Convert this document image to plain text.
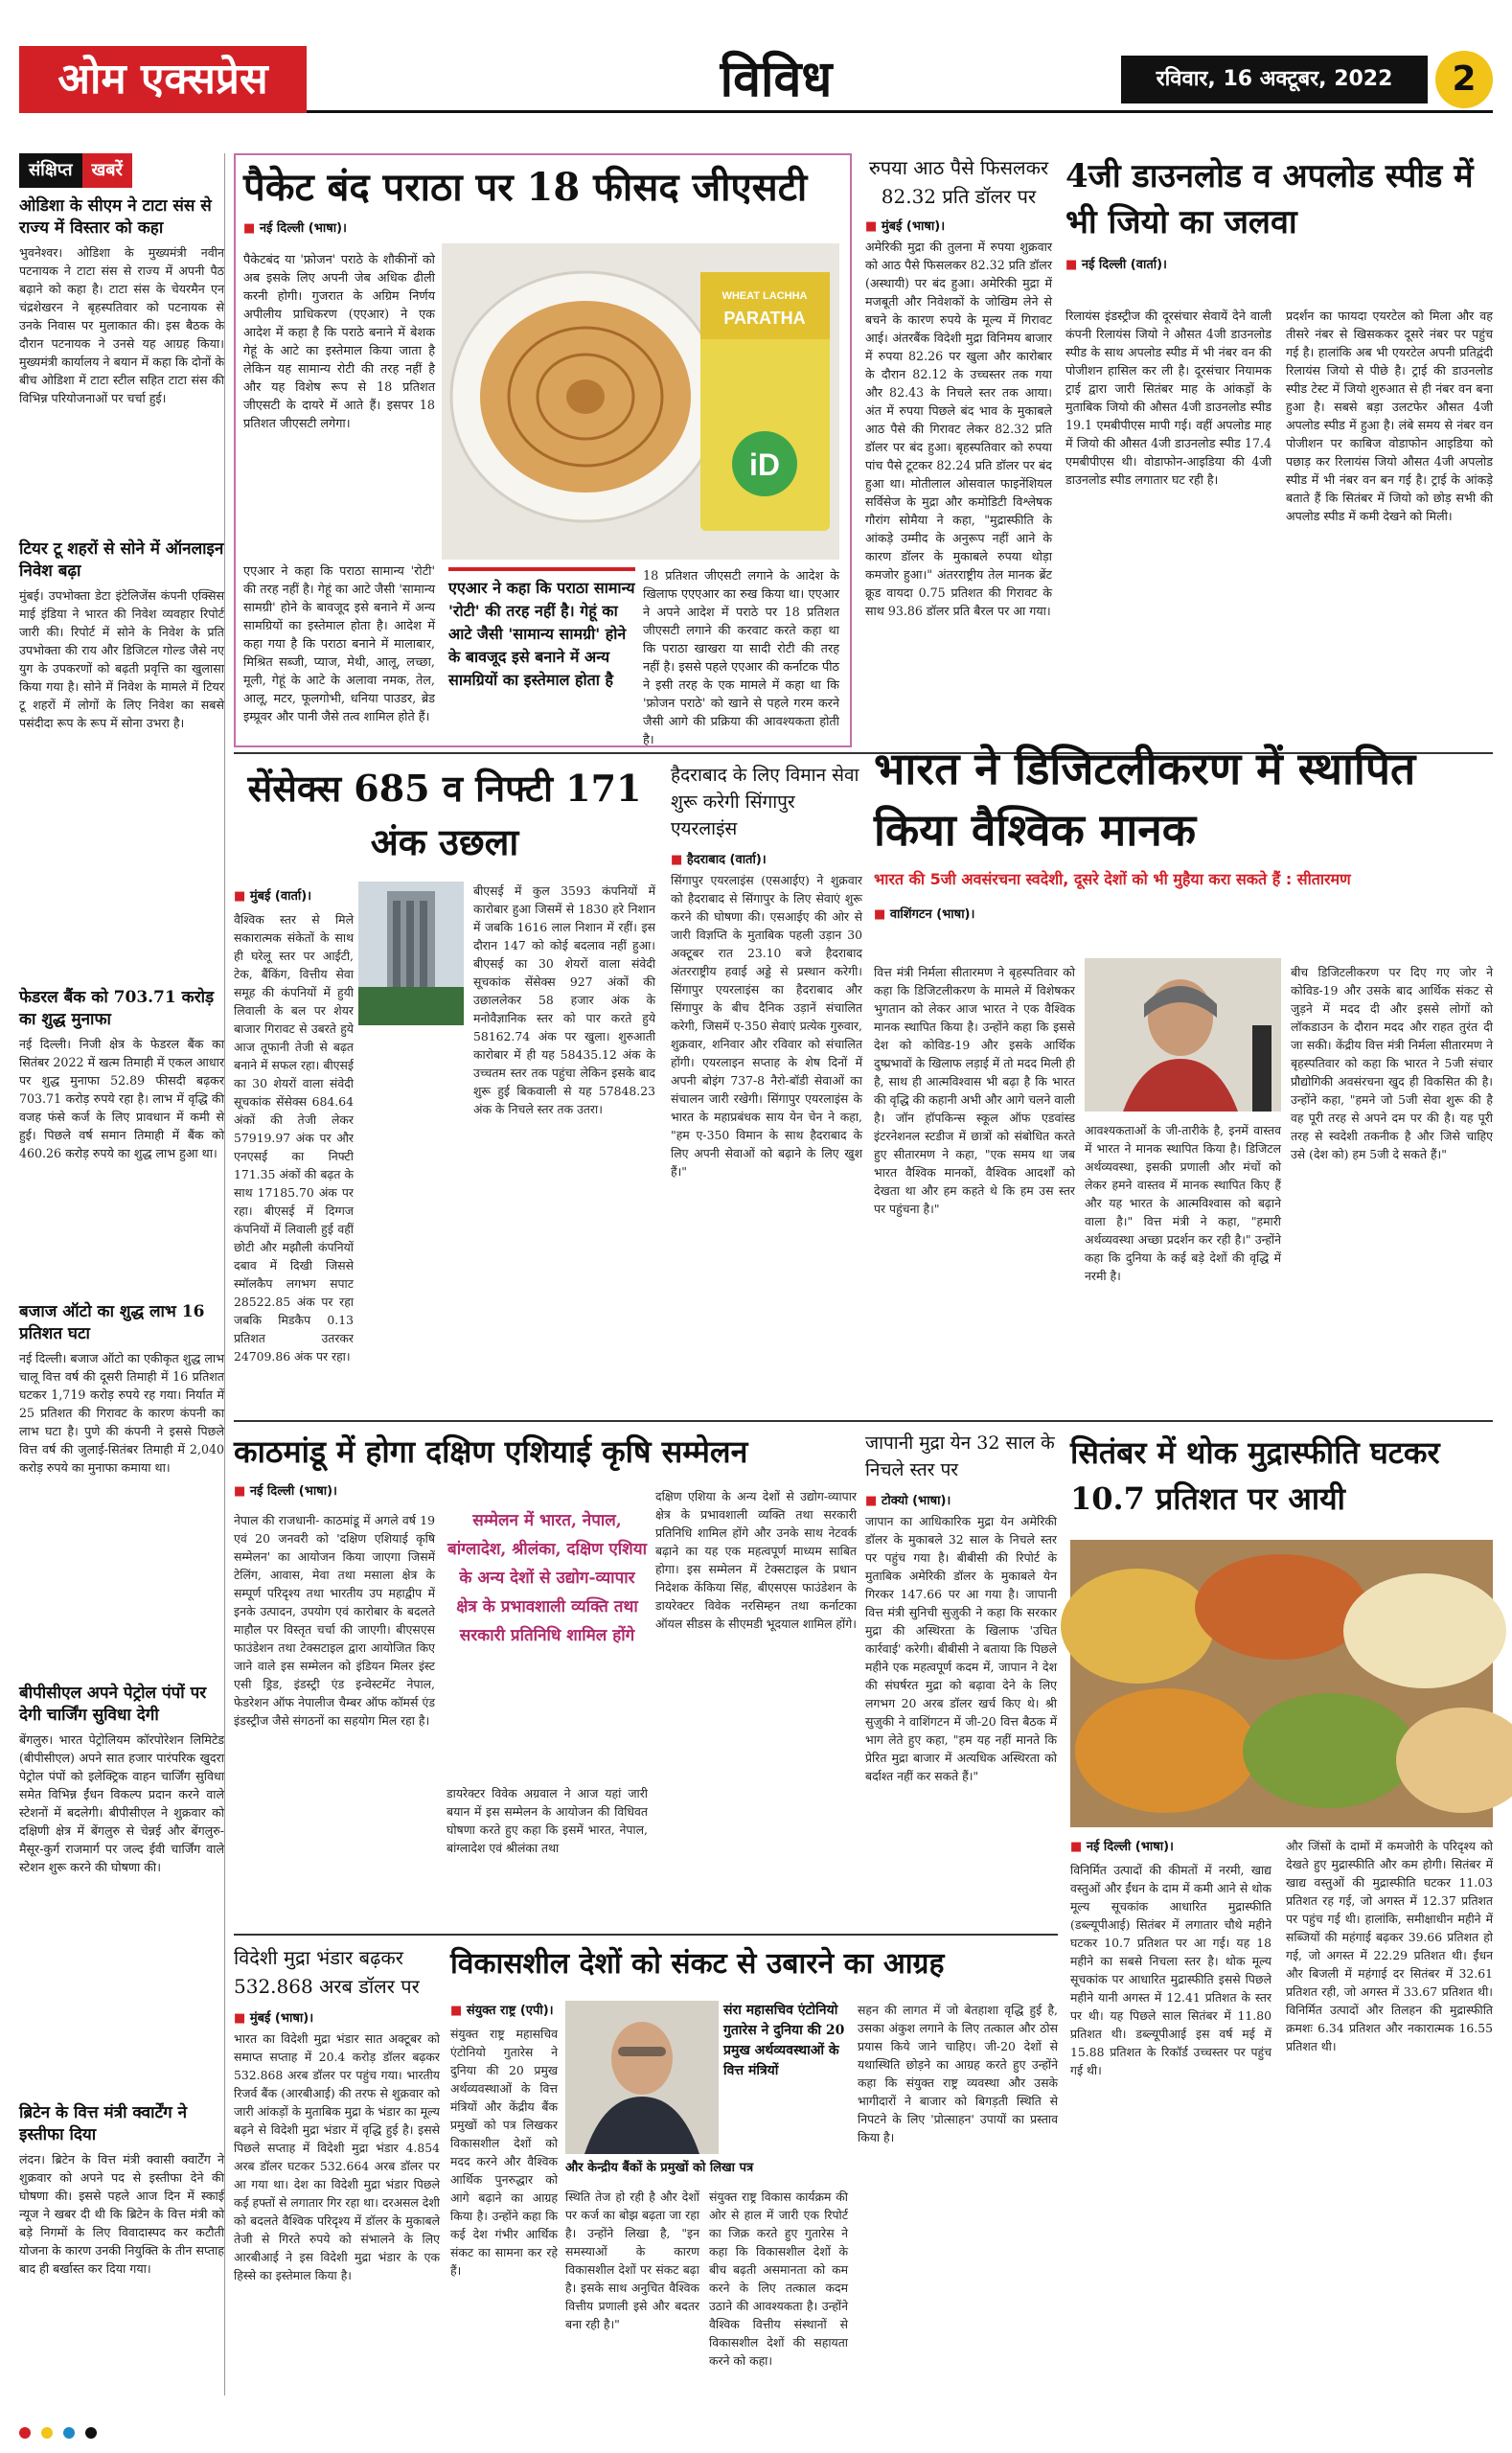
ओम एक्सप्रेस	विविध	रविवार, 16 अक्टूबर, 2022	2
संक्षिप्त	खबरें
ओडिशा के सीएम ने टाटा संस से राज्य में विस्तार को कहा
भुवनेश्वर। ओडिशा के मुख्यमंत्री नवीन पटनायक ने टाटा संस से राज्य में अपनी पैठ बढ़ाने को कहा है। टाटा संस के चेयरमैन एन चंद्रशेखरन ने बृहस्पतिवार को पटनायक से उनके निवास पर मुलाकात की। इस बैठक के दौरान पटनायक ने उनसे यह आग्रह किया। मुख्यमंत्री कार्यालय ने बयान में कहा कि दोनों के बीच ओडिशा में टाटा स्टील सहित टाटा संस की विभिन्न परियोजनाओं पर चर्चा हुई।
टियर टू शहरों से सोने में ऑनलाइन निवेश बढ़ा
मुंबई। उपभोक्ता डेटा इंटेलिजेंस कंपनी एक्सिस माई इंडिया ने भारत की निवेश व्यवहार रिपोर्ट जारी की। रिपोर्ट में सोने के निवेश के प्रति उपभोक्ता की राय और डिजिटल गोल्ड जैसे नए युग के उपकरणों को बढ़ती प्रवृत्ति का खुलासा किया गया है। सोने में निवेश के मामले में टियर टू शहरों में लोगों के लिए निवेश का सबसे पसंदीदा रूप के रूप में सोना उभरा है।
फेडरल बैंक को 703.71 करोड़ का शुद्ध मुनाफा
नई दिल्ली। निजी क्षेत्र के फेडरल बैंक का सितंबर 2022 में खत्म तिमाही में एकल आधार पर शुद्ध मुनाफा 52.89 फीसदी बढ़कर 703.71 करोड़ रुपये रहा है। लाभ में वृद्धि की वजह फंसे कर्ज के लिए प्रावधान में कमी से हुई। पिछले वर्ष समान तिमाही में बैंक को 460.26 करोड़ रुपये का शुद्ध लाभ हुआ था।
बजाज ऑटो का शुद्ध लाभ 16 प्रतिशत घटा
नई दिल्ली। बजाज ऑटो का एकीकृत शुद्ध लाभ चालू वित्त वर्ष की दूसरी तिमाही में 16 प्रतिशत घटकर 1,719 करोड़ रुपये रह गया। निर्यात में 25 प्रतिशत की गिरावट के कारण कंपनी का लाभ घटा है। पुणे की कंपनी ने इससे पिछले वित्त वर्ष की जुलाई-सितंबर तिमाही में 2,040 करोड़ रुपये का मुनाफा कमाया था।
बीपीसीएल अपने पेट्रोल पंपों पर देगी चार्जिंग सुविधा देगी
बेंगलुरु। भारत पेट्रोलियम कॉरपोरेशन लिमिटेड (बीपीसीएल) अपने सात हजार पारंपरिक खुदरा पेट्रोल पंपों को इलेक्ट्रिक वाहन चार्जिंग सुविधा समेत विभिन्न ईंधन विकल्प प्रदान करने वाले स्टेशनों में बदलेगी। बीपीसीएल ने शुक्रवार को दक्षिणी क्षेत्र में बेंगलुरु से चेन्नई और बेंगलुरु-मैसूर-कुर्ग राजमार्ग पर जल्द ईवी चार्जिंग वाले स्टेशन शुरू करने की घोषणा की।
ब्रिटेन के वित्त मंत्री क्वार्टेंग ने इस्तीफा दिया
लंदन। ब्रिटेन के वित्त मंत्री क्वासी क्वार्टेंग ने शुक्रवार को अपने पद से इस्तीफा देने की घोषणा की। इससे पहले आज दिन में स्काई न्यूज ने खबर दी थी कि ब्रिटेन के वित्त मंत्री को बड़े निगमों के लिए विवादास्पद कर कटौती योजना के कारण उनकी नियुक्ति के तीन सप्ताह बाद ही बर्खास्त कर दिया गया।
पैकेट बंद पराठा पर 18 फीसद जीएसटी
■ नई दिल्ली (भाषा)।

पैकेटबंद या 'फ्रोजन' पराठे के शौकीनों को अब इसके लिए अपनी जेब अधिक ढीली करनी होगी। गुजरात के अग्रिम निर्णय अपीलीय प्राधिकरण (एएआर) ने एक आदेश में कहा है कि पराठे बनाने में बेशक गेहूं के आटे का इस्तेमाल किया जाता है लेकिन यह सामान्य रोटी की तरह नहीं है और यह विशेष रूप से 18 प्रतिशत जीएसटी के दायरे में आते हैं। इसपर 18 प्रतिशत जीएसटी लगेगा।

WHEAT LACHHA
PARATHA
iD
एएआर ने कहा कि पराठा सामान्य 'रोटी' की तरह नहीं है। गेहूं का आटे जैसी 'सामान्य सामग्री' होने के बावजूद इसे बनाने में अन्य सामग्रियों का इस्तेमाल होता है

एएआर ने कहा कि पराठा सामान्य 'रोटी' की तरह नहीं है। गेहूं का आटे जैसी 'सामान्य सामग्री' होने के बावजूद इसे बनाने में अन्य सामग्रियों का इस्तेमाल होता है। आदेश में कहा गया है कि पराठा बनाने में मालाबार, मिश्रित सब्जी, प्याज, मेथी, आलू, लच्छा, मूली, गेहूं के आटे के अलावा नमक, तेल, आलू, मटर, फूलगोभी, धनिया पाउडर, ब्रेड इम्प्रूवर और पानी जैसे तत्व शामिल होते हैं।

18 प्रतिशत जीएसटी लगाने के आदेश के खिलाफ एएएआर का रुख किया था। एएआर ने अपने आदेश में पराठे पर 18 प्रतिशत जीएसटी लगाने की करवाट करते कहा था कि पराठा खाखरा या सादी रोटी की तरह नहीं है। इससे पहले एएआर की कर्नाटक पीठ ने इसी तरह के एक मामले में कहा था कि 'फ्रोजन पराठे' को खाने से पहले गरम करने जैसी आगे की प्रक्रिया की आवश्यकता होती है।

रुपया आठ पैसे फिसलकर 82.32 प्रति डॉलर पर
■ मुंबई (भाषा)।
अमेरिकी मुद्रा की तुलना में रुपया शुक्रवार को आठ पैसे फिसलकर 82.32 प्रति डॉलर (अस्थायी) पर बंद हुआ। अमेरिकी मुद्रा में मजबूती और निवेशकों के जोखिम लेने से बचने के कारण रुपये के मूल्य में गिरावट आई। अंतरबैंक विदेशी मुद्रा विनिमय बाजार में रुपया 82.26 पर खुला और कारोबार के दौरान 82.12 के उच्चस्तर तक गया और 82.43 के निचले स्तर तक आया। अंत में रुपया पिछले बंद भाव के मुकाबले आठ पैसे की गिरावट लेकर 82.32 प्रति डॉलर पर बंद हुआ। बृहस्पतिवार को रुपया पांच पैसे टूटकर 82.24 प्रति डॉलर पर बंद हुआ था। मोतीलाल ओसवाल फाइनेंशियल सर्विसेज के मुद्रा और कमोडिटी विश्लेषक गौरांग सोमैया ने कहा, "मुद्रास्फीति के आंकड़े उम्मीद के अनुरूप नहीं आने के कारण डॉलर के मुकाबले रुपया थोड़ा कमजोर हुआ।" अंतरराष्ट्रीय तेल मानक ब्रेंट क्रूड वायदा 0.75 प्रतिशत की गिरावट के साथ 93.86 डॉलर प्रति बैरल पर आ गया।
4जी डाउनलोड व अपलोड स्पीड में भी जियो का जलवा
■ नई दिल्ली (वार्ता)।

रिलायंस इंडस्ट्रीज की दूरसंचार सेवायें देने वाली कंपनी रिलायंस जियो ने औसत 4जी डाउनलोड स्पीड के साथ अपलोड स्पीड में भी नंबर वन की पोजीशन हासिल कर ली है। दूरसंचार नियामक ट्राई द्वारा जारी सितंबर माह के आंकड़ों के मुताबिक जियो की औसत 4जी डाउनलोड स्पीड 19.1 एमबीपीएस मापी गई। वहीं अपलोड माह में जियो की औसत 4जी डाउनलोड स्पीड 17.4 एमबीपीएस थी। वोडाफोन-आइडिया की 4जी डाउनलोड स्पीड लगातार घट रही है।

प्रदर्शन का फायदा एयरटेल को मिला और वह तीसरे नंबर से खिसककर दूसरे नंबर पर पहुंच गई है। हालांकि अब भी एयरटेल अपनी प्रतिद्वंदी रिलायंस जियो से पीछे है। ट्राई की डाउनलोड स्पीड टेस्ट में जियो शुरुआत से ही नंबर वन बना हुआ है। सबसे बड़ा उलटफेर औसत 4जी अपलोड स्पीड में हुआ है। लंबे समय से नंबर वन पोजीशन पर काबिज वोडाफोन आइडिया को पछाड़ कर रिलायंस जियो औसत 4जी अपलोड स्पीड में भी नंबर वन बन गई है। ट्राई के आंकड़े बताते हैं कि सितंबर में जियो को छोड़ सभी की अपलोड स्पीड में कमी देखने को मिली।

सेंसेक्स 685 व निफ्टी 171 अंक उछला
■ मुंबई (वार्ता)।

वैश्विक स्तर से मिले सकारात्मक संकेतों के साथ ही घरेलू स्तर पर आईटी, टेक, बैंकिंग, वित्तीय सेवा समूह की कंपनियों में हुयी लिवाली के बल पर शेयर बाजार गिरावट से उबरते हुये आज तूफानी तेजी से बढ़त बनाने में सफल रहा। बीएसई का 30 शेयरों वाला संवेदी सूचकांक सेंसेक्स 684.64 अंकों की तेजी लेकर 57919.97 अंक पर और एनएसई का निफ्टी 171.35 अंकों की बढ़त के साथ 17185.70 अंक पर रहा। बीएसई में दिग्गज कंपनियों में लिवाली हुई वहीं छोटी और मझौली कंपनियों दबाव में दिखी जिससे स्मॉलकैप लगभग सपाट 28522.85 अंक पर रहा जबकि मिडकैप 0.13 प्रतिशत उतरकर 24709.86 अंक पर रहा।

बीएसई में कुल 3593 कंपनियों में कारोबार हुआ जिसमें से 1830 हरे निशान में जबकि 1616 लाल निशान में रहीं। इस दौरान 147 को कोई बदलाव नहीं हुआ। बीएसई का 30 शेयरों वाला संवेदी सूचकांक सेंसेक्स 927 अंकों की उछाललेकर 58 हजार अंक के मनोवैज्ञानिक स्तर को पार करते हुये 58162.74 अंक पर खुला। शुरुआती कारोबार में ही यह 58435.12 अंक के उच्चतम स्तर तक पहुंचा लेकिन इसके बाद शुरू हुई बिकवाली से यह 57848.23 अंक के निचले स्तर तक उतरा।

हैदराबाद के लिए विमान सेवा शुरू करेगी सिंगापुर एयरलाइंस
■ हैदराबाद (वार्ता)।
सिंगापुर एयरलाइंस (एसआईए) ने शुक्रवार को हैदराबाद से सिंगापुर के लिए सेवाएं शुरू करने की घोषणा की। एसआईए की ओर से जारी विज्ञप्ति के मुताबिक पहली उड़ान 30 अक्टूबर रात 23.10 बजे हैदराबाद अंतरराष्ट्रीय हवाई अड्डे से प्रस्थान करेगी। सिंगापुर एयरलाइंस का हैदराबाद और सिंगापुर के बीच दैनिक उड़ानें संचालित करेगी, जिसमें ए-350 सेवाएं प्रत्येक गुरुवार, शुक्रवार, शनिवार और रविवार को संचालित होंगी। एयरलाइन सप्ताह के शेष दिनों में अपनी बोइंग 737-8 नैरो-बॉडी सेवाओं का संचालन जारी रखेगी। सिंगापुर एयरलाइंस के भारत के महाप्रबंधक साय येन चेन ने कहा, "हम ए-350 विमान के साथ हैदराबाद के लिए अपनी सेवाओं को बढ़ाने के लिए खुश हैं।"
भारत ने डिजिटलीकरण में स्थापित किया वैश्विक मानक
भारत की 5जी अवसंरचना स्वदेशी, दूसरे देशों को भी मुहैया करा सकते हैं : सीतारमण
■ वाशिंगटन (भाषा)।

वित्त मंत्री निर्मला सीतारमण ने बृहस्पतिवार को कहा कि डिजिटलीकरण के मामले में विशेषकर भुगतान को लेकर आज भारत ने एक वैश्विक मानक स्थापित किया है। उन्होंने कहा कि इससे देश को कोविड-19 और इसके आर्थिक दुष्प्रभावों के खिलाफ लड़ाई में तो मदद मिली ही है, साथ ही आत्मविश्वास भी बढ़ा है कि भारत की वृद्धि की कहानी अभी और आगे चलने वाली है। जॉन हॉपकिन्स स्कूल ऑफ एडवांस्ड इंटरनेशनल स्टडीज में छात्रों को संबोधित करते हुए सीतारमण ने कहा, "एक समय था जब भारत वैश्विक मानकों, वैश्विक आदर्शों को देखता था और हम कहते थे कि हम उस स्तर पर पहुंचना है।"

आवश्यकताओं के जी-तारीके है, इनमें वास्तव में भारत ने मानक स्थापित किया है। डिजिटल अर्थव्यवस्था, इसकी प्रणाली और मंचों को लेकर हमने वास्तव में मानक स्थापित किए हैं और यह भारत के आत्मविश्वास को बढ़ाने वाला है।" वित्त मंत्री ने कहा, "हमारी अर्थव्यवस्था अच्छा प्रदर्शन कर रही है।" उन्होंने कहा कि दुनिया के कई बड़े देशों की वृद्धि में नरमी है।

बीच डिजिटलीकरण पर दिए गए जोर ने कोविड-19 और उसके बाद आर्थिक संकट से जुड़ने में मदद दी और इससे लोगों को लॉकडाउन के दौरान मदद और राहत तुरंत दी जा सकी। केंद्रीय वित्त मंत्री निर्मला सीतारमण ने बृहस्पतिवार को कहा कि भारत ने 5जी संचार प्रौद्योगिकी अवसंरचना खुद ही विकसित की है। उन्होंने कहा, "हमने जो 5जी सेवा शुरू की है वह पूरी तरह से अपने दम पर की है। यह पूरी तरह से स्वदेशी तकनीक है और जिसे चाहिए उसे (देश को) हम 5जी दे सकते हैं।"

काठमांडू में होगा दक्षिण एशियाई कृषि सम्मेलन
■ नई दिल्ली (भाषा)।

नेपाल की राजधानी- काठमांडू में अगले वर्ष 19 एवं 20 जनवरी को 'दक्षिण एशियाई कृषि सम्मेलन' का आयोजन किया जाएगा जिसमें टेलिंग, आवास, मेवा तथा मसाला क्षेत्र के सम्पूर्ण परिदृश्य तथा भारतीय उप महाद्वीप में इनके उत्पादन, उपयोग एवं कारोबार के बदलते माहौल पर विस्तृत चर्चा की जाएगी। बीएसएस फाउंडेशन तथा टेक्सटाइल द्वारा आयोजित किए जाने वाले इस सम्मेलन को इंडियन मिलर इंस्ट एसी ड्रिड, इंडस्ट्री एंड इन्वेस्टमेंट नेपाल, फेडरेशन ऑफ नेपालीज चैम्बर ऑफ कॉमर्स एंड इंडस्ट्रीज जैसे संगठनों का सहयोग मिल रहा है।

सम्मेलन में भारत, नेपाल, बांग्लादेश, श्रीलंका, दक्षिण एशिया के अन्य देशों से उद्योग-व्यापार क्षेत्र के प्रभावशाली व्यक्ति तथा सरकारी प्रतिनिधि शामिल होंगे

डायरेक्टर विवेक अग्रवाल ने आज यहां जारी बयान में इस सम्मेलन के आयोजन की विधिवत घोषणा करते हुए कहा कि इसमें भारत, नेपाल, बांग्लादेश एवं श्रीलंका तथा

दक्षिण एशिया के अन्य देशों से उद्योग-व्यापार क्षेत्र के प्रभावशाली व्यक्ति तथा सरकारी प्रतिनिधि शामिल होंगे और उनके साथ नेटवर्क बढ़ाने का यह एक महत्वपूर्ण माध्यम साबित होगा। इस सम्मेलन में टेक्सटाइल के प्रधान निदेशक केंकिया सिंह, बीएसएस फाउंडेशन के डायरेक्टर विवेक नरसिम्हन तथा कर्नाटका ऑयल सीडस के सीएमडी भूदयाल शामिल होंगे।

जापानी मुद्रा येन 32 साल के निचले स्तर पर
■ टोक्यो (भाषा)।
जापान का आधिकारिक मुद्रा येन अमेरिकी डॉलर के मुकाबले 32 साल के निचले स्तर पर पहुंच गया है। बीबीसी की रिपोर्ट के मुताबिक अमेरिकी डॉलर के मुकाबले येन गिरकर 147.66 पर आ गया है। जापानी वित्त मंत्री सुनिची सुज़ुकी ने कहा कि सरकार मुद्रा की अस्थिरता के खिलाफ 'उचित कार्रवाई' करेगी। बीबीसी ने बताया कि पिछले महीने एक महत्वपूर्ण कदम में, जापान ने देश की संघर्षरत मुद्रा को बढ़ावा देने के लिए लगभग 20 अरब डॉलर खर्च किए थे। श्री सुज़ुकी ने वाशिंगटन में जी-20 वित्त बैठक में भाग लेते हुए कहा, "हम यह नहीं मानते कि प्रेरित मुद्रा बाजार में अत्यधिक अस्थिरता को बर्दाश्त नहीं कर सकते हैं।"
सितंबर में थोक मुद्रास्फीति घटकर 10.7 प्रतिशत पर आयी
■ नई दिल्ली (भाषा)।

विनिर्मित उत्पादों की कीमतों में नरमी, खाद्य वस्तुओं और ईंधन के दाम में कमी आने से थोक मूल्य सूचकांक आधारित मुद्रास्फीति (डब्ल्यूपीआई) सितंबर में लगातार चौथे महीने घटकर 10.7 प्रतिशत पर आ गई। यह 18 महीने का सबसे निचला स्तर है। थोक मूल्य सूचकांक पर आधारित मुद्रास्फीति इससे पिछले महीने यानी अगस्त में 12.41 प्रतिशत के स्तर पर थी। यह पिछले साल सितंबर में 11.80 प्रतिशत थी। डब्ल्यूपीआई इस वर्ष मई में 15.88 प्रतिशत के रिकॉर्ड उच्चस्तर पर पहुंच गई थी।

और जिंसों के दामों में कमजोरी के परिदृश्य को देखते हुए मुद्रास्फीति और कम होगी। सितंबर में खाद्य वस्तुओं की मुद्रास्फीति घटकर 11.03 प्रतिशत रह गई, जो अगस्त में 12.37 प्रतिशत पर पहुंच गई थी। हालांकि, समीक्षाधीन महीने में सब्जियों की महंगाई बढ़कर 39.66 प्रतिशत हो गई, जो अगस्त में 22.29 प्रतिशत थी। ईंधन और बिजली में महंगाई दर सितंबर में 32.61 प्रतिशत रही, जो अगस्त में 33.67 प्रतिशत थी। विनिर्मित उत्पादों और तिलहन की मुद्रास्फीति क्रमशः 6.34 प्रतिशत और नकारात्मक 16.55 प्रतिशत थी।

विदेशी मुद्रा भंडार बढ़कर 532.868 अरब डॉलर पर
■ मुंबई (भाषा)।
भारत का विदेशी मुद्रा भंडार सात अक्टूबर को समाप्त सप्ताह में 20.4 करोड़ डॉलर बढ़कर 532.868 अरब डॉलर पर पहुंच गया। भारतीय रिजर्व बैंक (आरबीआई) की तरफ से शुक्रवार को जारी आंकड़ों के मुताबिक मुद्रा के भंडार का मूल्य बढ़ने से विदेशी मुद्रा भंडार में वृद्धि हुई है। इससे पिछले सप्ताह में विदेशी मुद्रा भंडार 4.854 अरब डॉलर घटकर 532.664 अरब डॉलर पर आ गया था। देश का विदेशी मुद्रा भंडार पिछले कई हफ्तों से लगातार गिर रहा था। दरअसल देशी को बदलते वैश्विक परिदृश्य में डॉलर के मुकाबले तेजी से गिरते रुपये को संभालने के लिए आरबीआई ने इस विदेशी मुद्रा भंडार के एक हिस्से का इस्तेमाल किया है।
विकासशील देशों को संकट से उबारने का आग्रह
■ संयुक्त राष्ट्र (एपी)।	संरा महासचिव एंटोनियो गुतारेस ने दुनिया की 20 प्रमुख अर्थव्यवस्थाओं के वित्त मंत्रियों
और केन्द्रीय बैंकों के प्रमुखों को लिखा पत्र

संयुक्त राष्ट्र महासचिव एंटोनियो गुतारेस ने दुनिया की 20 प्रमुख अर्थव्यवस्थाओं के वित्त मंत्रियों और केंद्रीय बैंक प्रमुखों को पत्र लिखकर विकासशील देशों को मदद करने और वैश्विक आर्थिक पुनरुद्धार को आगे बढ़ाने का आग्रह किया है। उन्होंने कहा कि कई देश गंभीर आर्थिक संकट का सामना कर रहे हैं।

स्थिति तेज हो रही है और देशों पर कर्ज का बोझ बढ़ता जा रहा है। उन्होंने लिखा है, "इन समस्याओं के कारण विकासशील देशों पर संकट बढ़ा है। इसके साथ अनुचित वैश्विक वित्तीय प्रणाली इसे और बदतर बना रही है।"

संयुक्त राष्ट्र विकास कार्यक्रम की ओर से हाल में जारी एक रिपोर्ट का जिक्र करते हुए गुतारेस ने कहा कि विकासशील देशों के बीच बढ़ती असमानता को कम करने के लिए तत्काल कदम उठाने की आवश्यकता है। उन्होंने वैश्विक वित्तीय संस्थानों से विकासशील देशों की सहायता करने को कहा।

सहन की लागत में जो बेतहाशा वृद्धि हुई है, उसका अंकुश लगाने के लिए तत्काल और ठोस प्रयास किये जाने चाहिए। जी-20 देशों से यथास्थिति छोड़ने का आग्रह करते हुए उन्होंने कहा कि संयुक्त राष्ट्र व्यवस्था और उसके भागीदारों ने बाजार को बिगड़ती स्थिति से निपटने के लिए 'प्रोत्साहन' उपायों का प्रस्ताव किया है।
